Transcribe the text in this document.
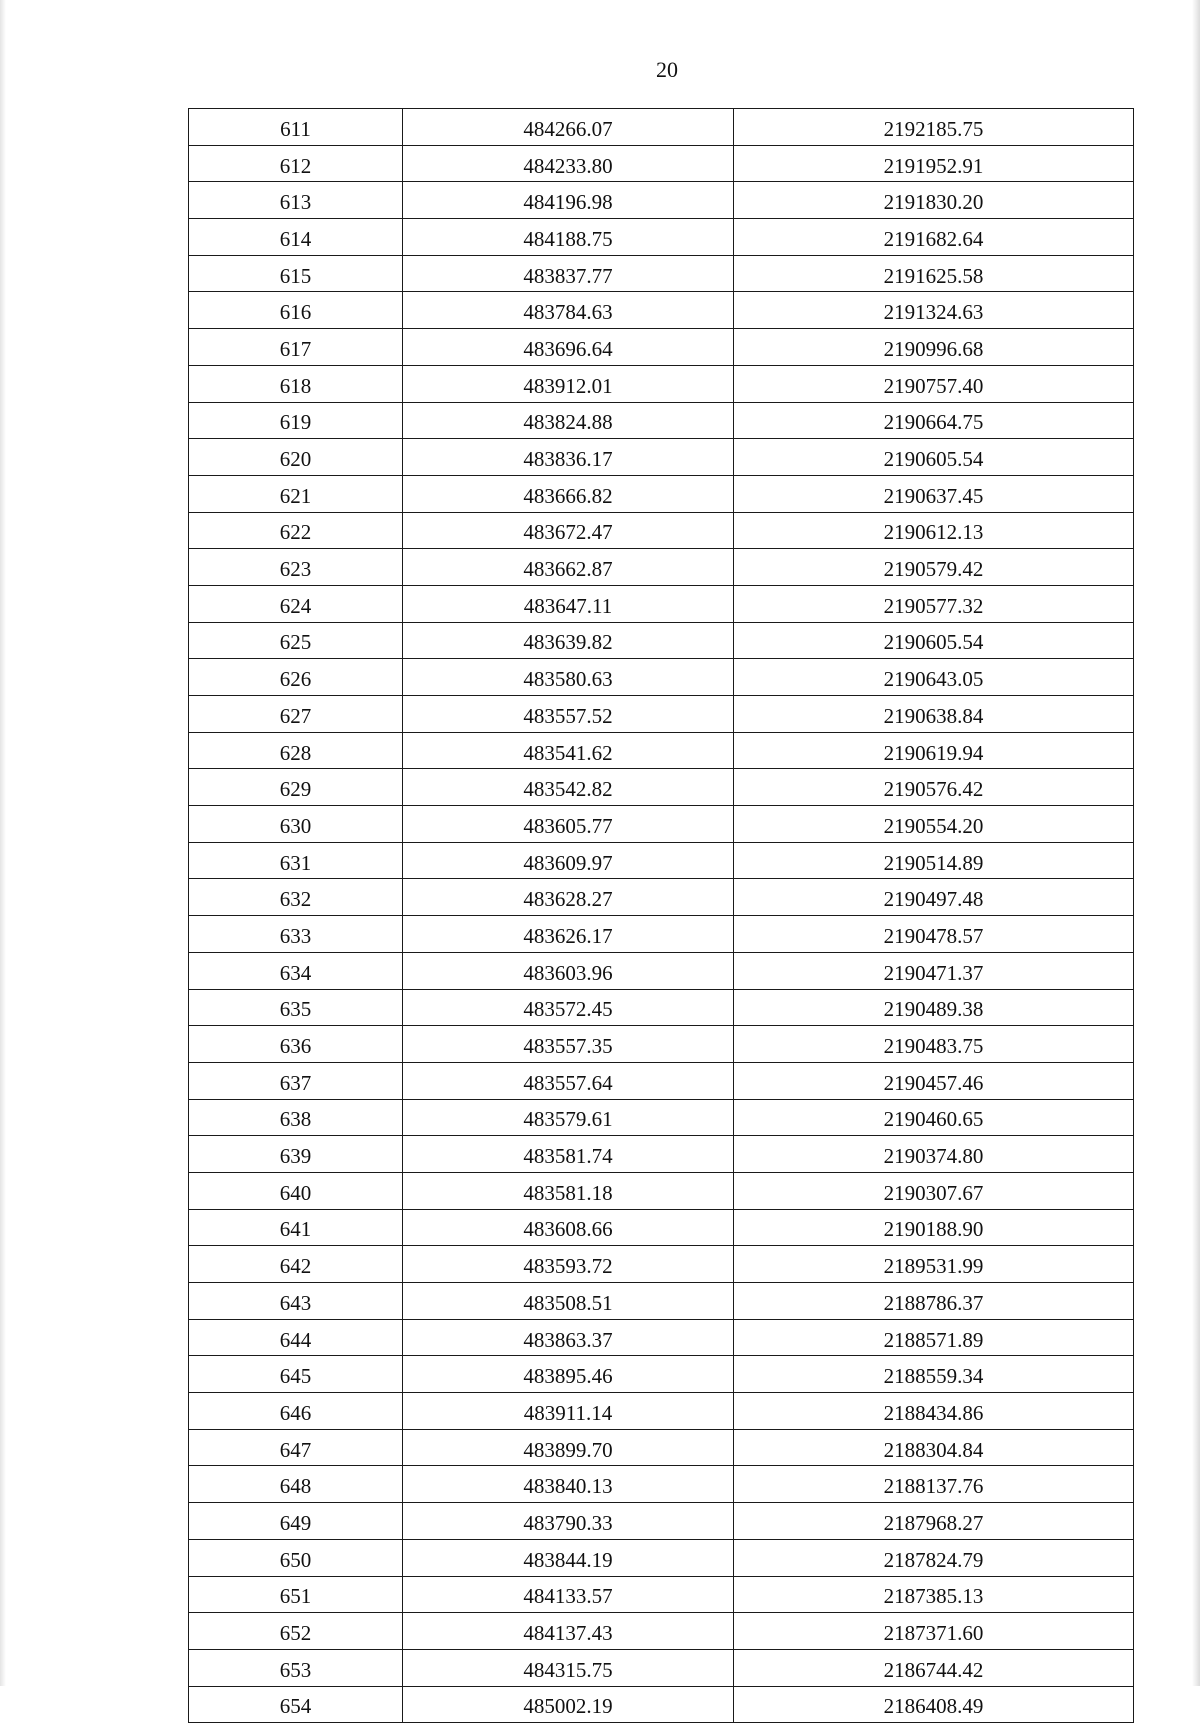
20
611	484266.07	2192185.75
612	484233.80	2191952.91
613	484196.98	2191830.20
614	484188.75	2191682.64
615	483837.77	2191625.58
616	483784.63	2191324.63
617	483696.64	2190996.68
618	483912.01	2190757.40
619	483824.88	2190664.75
620	483836.17	2190605.54
621	483666.82	2190637.45
622	483672.47	2190612.13
623	483662.87	2190579.42
624	483647.11	2190577.32
625	483639.82	2190605.54
626	483580.63	2190643.05
627	483557.52	2190638.84
628	483541.62	2190619.94
629	483542.82	2190576.42
630	483605.77	2190554.20
631	483609.97	2190514.89
632	483628.27	2190497.48
633	483626.17	2190478.57
634	483603.96	2190471.37
635	483572.45	2190489.38
636	483557.35	2190483.75
637	483557.64	2190457.46
638	483579.61	2190460.65
639	483581.74	2190374.80
640	483581.18	2190307.67
641	483608.66	2190188.90
642	483593.72	2189531.99
643	483508.51	2188786.37
644	483863.37	2188571.89
645	483895.46	2188559.34
646	483911.14	2188434.86
647	483899.70	2188304.84
648	483840.13	2188137.76
649	483790.33	2187968.27
650	483844.19	2187824.79
651	484133.57	2187385.13
652	484137.43	2187371.60
653	484315.75	2186744.42
654	485002.19	2186408.49
